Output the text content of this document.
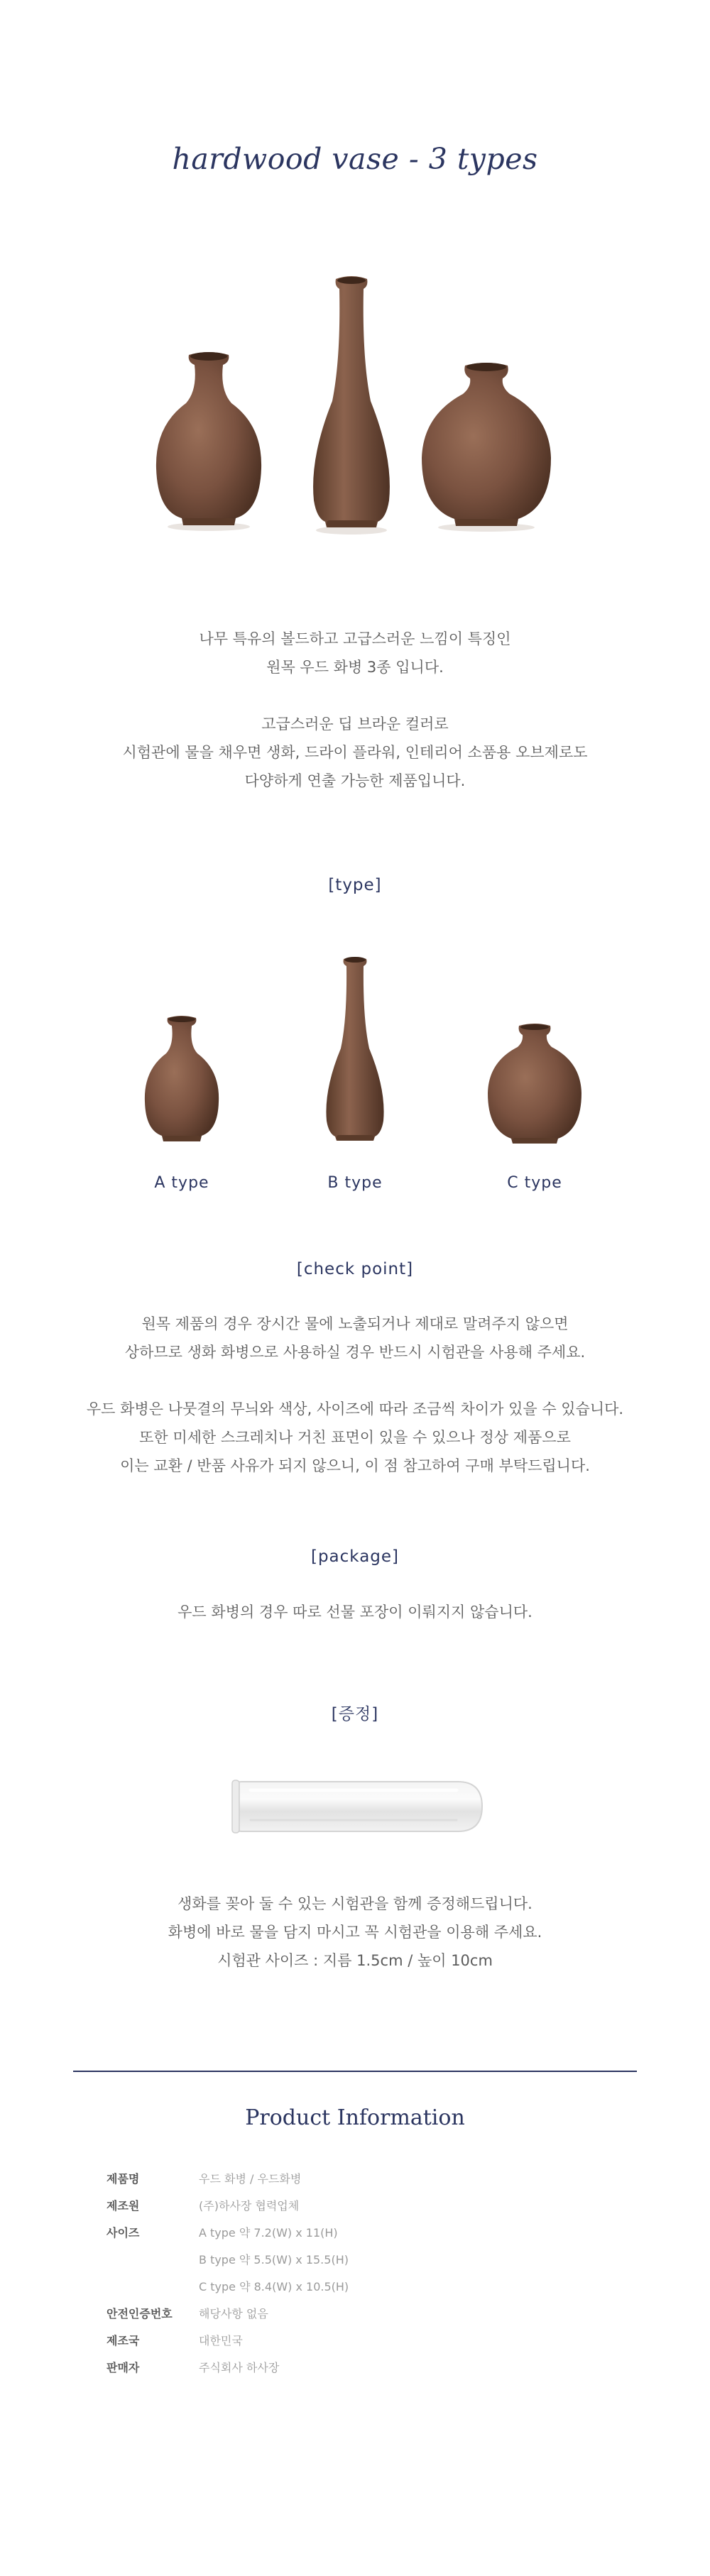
hardwood vase - 3 types
나무 특유의 볼드하고 고급스러운 느낌이 특징인
원목 우드 화병 3종 입니다.
고급스러운 딥 브라운 컬러로
시험관에 물을 채우면 생화, 드라이 플라워, 인테리어 소품용 오브제로도
다양하게 연출 가능한 제품입니다.
[type]
A type	B type	C type
[check point]
원목 제품의 경우 장시간 물에 노출되거나 제대로 말려주지 않으면
상하므로 생화 화병으로 사용하실 경우 반드시 시험관을 사용해 주세요.
우드 화병은 나뭇결의 무늬와 색상, 사이즈에 따라 조금씩 차이가 있을 수 있습니다.
또한 미세한 스크레치나 거친 표면이 있을 수 있으나 정상 제품으로
이는 교환 / 반품 사유가 되지 않으니, 이 점 참고하여 구매 부탁드립니다.
[package]
우드 화병의 경우 따로 선물 포장이 이뤄지지 않습니다.
[증정]
생화를 꽂아 둘 수 있는 시험관을 함께 증정해드립니다.
화병에 바로 물을 담지 마시고 꼭 시험관을 이용해 주세요.
시험관 사이즈 : 지름 1.5cm / 높이 10cm
Product Information
제품명	우드 화병 / 우드화병
제조원	(주)하사장 협력업체
사이즈	A type 약 7.2(W) x 11(H)
B type 약 5.5(W) x 15.5(H)
C type 약 8.4(W) x 10.5(H)
안전인증번호 해당사항 없음
제조국	대한민국
판매자	주식회사 하사장
